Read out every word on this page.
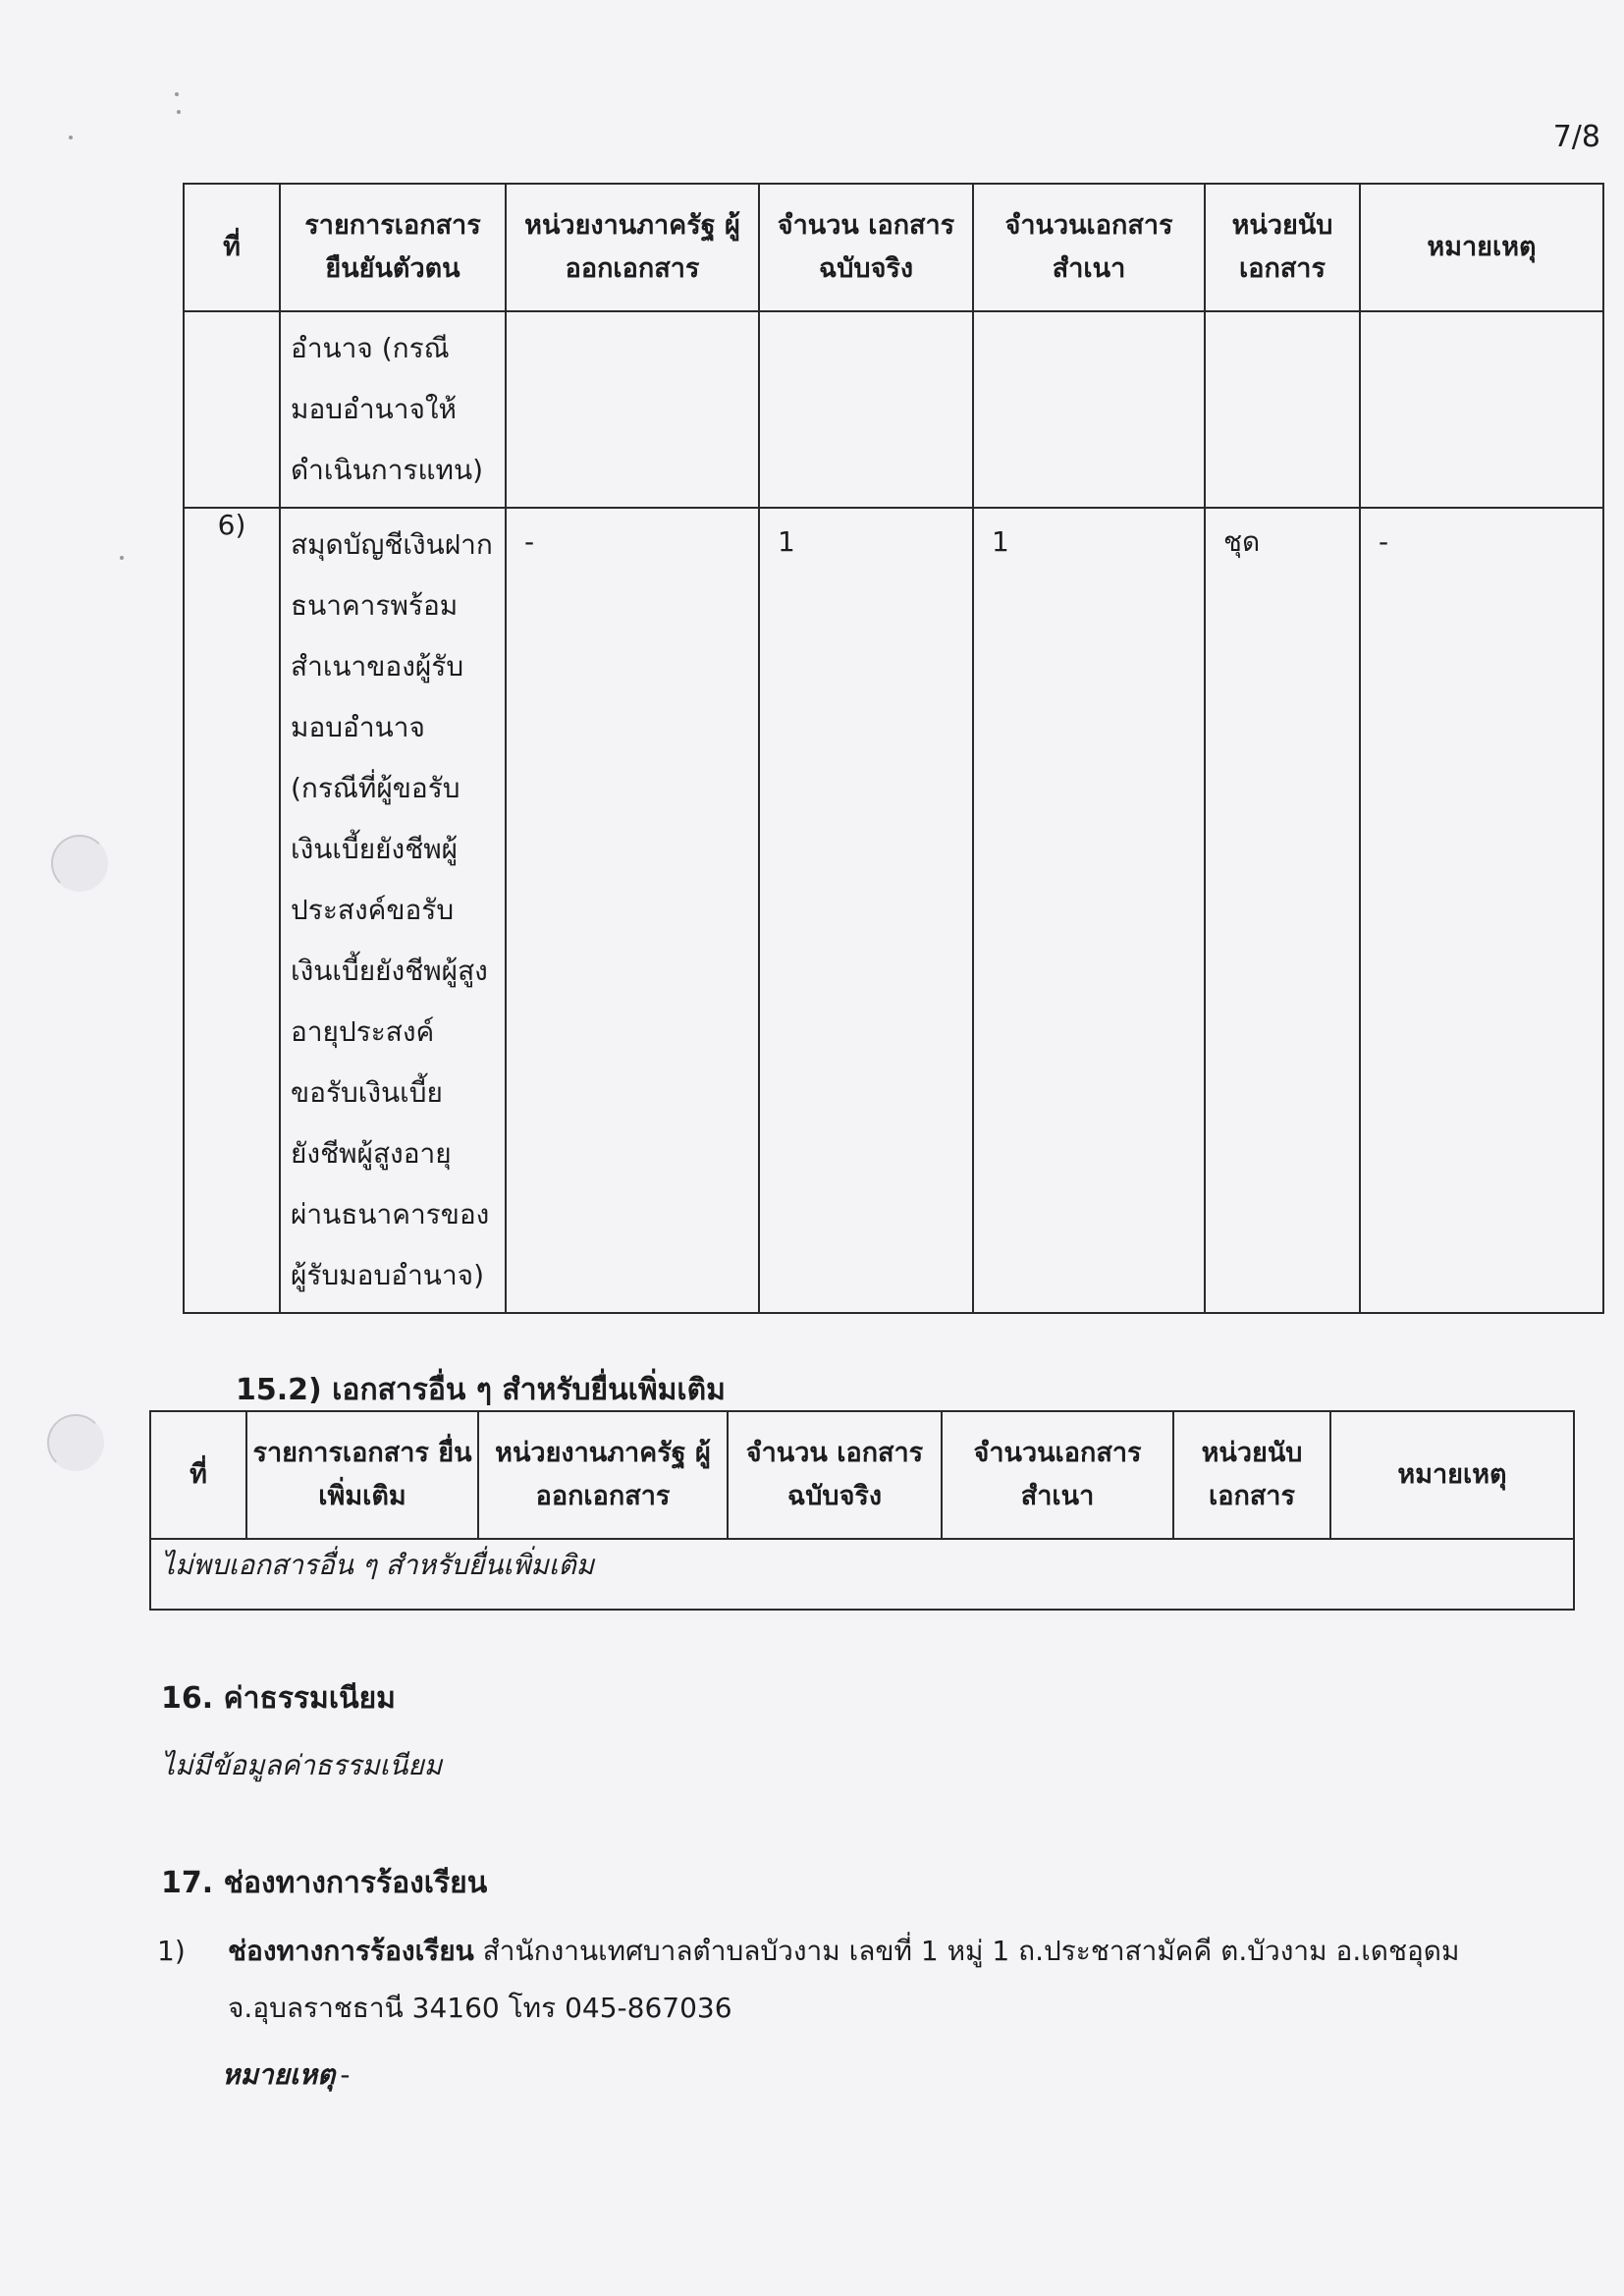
7/8
ที่	รายการเอกสาร ยืนยันตัวตน	หน่วยงานภาครัฐ ผู้ออกเอกสาร	จำนวน เอกสาร ฉบับจริง	จำนวนเอกสาร สำเนา	หน่วยนับ เอกสาร	หมายเหตุ

	อำนาจ (กรณีมอบอำนาจให้ดำเนินการแทน)					

6)	สมุดบัญชีเงินฝากธนาคารพร้อมสำเนาของผู้รับมอบอำนาจ (กรณีที่ผู้ขอรับเงินเบี้ยยังชีพผู้ประสงค์ขอรับเงินเบี้ยยังชีพผู้สูงอายุประสงค์ขอรับเงินเบี้ยยังชีพผู้สูงอายุผ่านธนาคารของผู้รับมอบอำนาจ)	-	1	1	ชุด	-
15.2) เอกสารอื่น ๆ สำหรับยื่นเพิ่มเติม
ที่	รายการเอกสาร ยื่นเพิ่มเติม	หน่วยงานภาครัฐ ผู้ออกเอกสาร	จำนวน เอกสาร ฉบับจริง	จำนวนเอกสาร สำเนา	หน่วยนับ เอกสาร	หมายเหตุ

ไม่พบเอกสารอื่น ๆ สำหรับยื่นเพิ่มเติม
16. ค่าธรรมเนียม
ไม่มีข้อมูลค่าธรรมเนียม
17. ช่องทางการร้องเรียน
1) ช่องทางการร้องเรียน สำนักงานเทศบาลตำบลบัวงาม เลขที่ 1 หมู่ 1 ถ.ประชาสามัคคี ต.บัวงาม อ.เดชอุดม
จ.อุบลราชธานี 34160 โทร 045-867036
หมายเหตุ -
